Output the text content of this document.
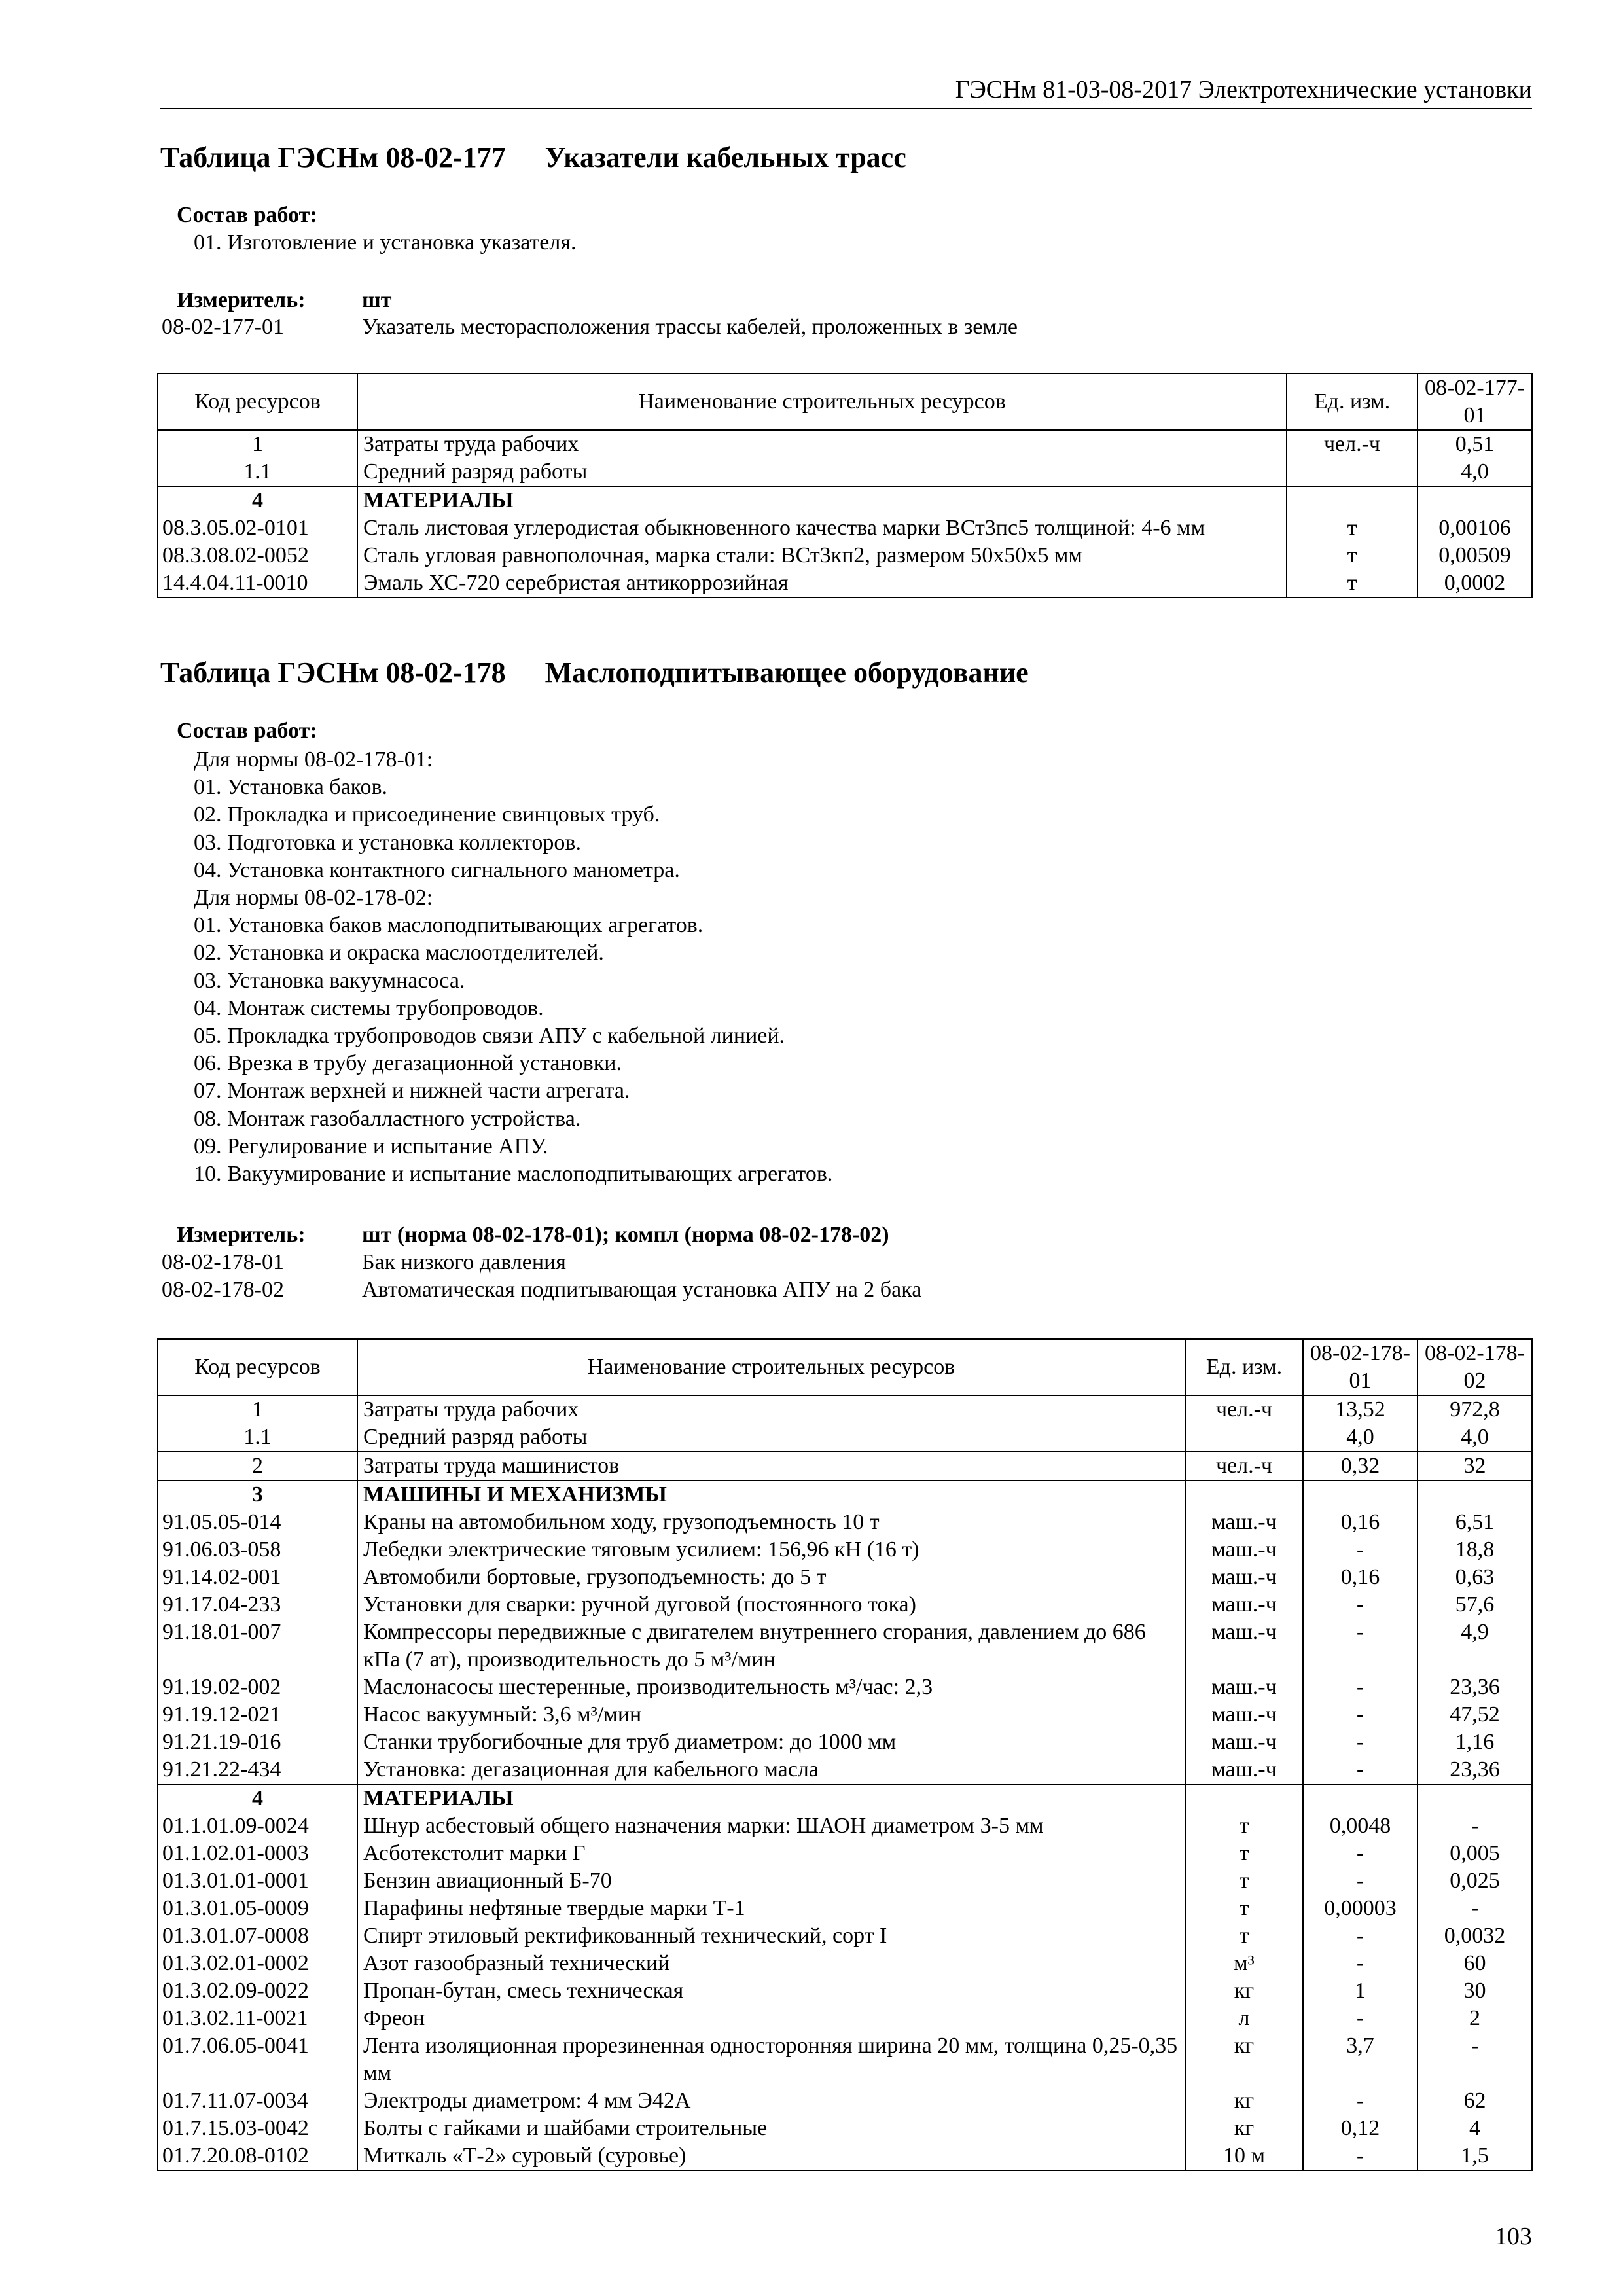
ГЭСНм 81-03-08-2017 Электротехнические установки
Таблица ГЭСНм 08-02-177 Указатели кабельных трасс
Состав работ:
01. Изготовление и установка указателя.
Измеритель:	шт
08-02-177-01	Указатель месторасположения трассы кабелей, проложенных в земле
Код ресурсов	Наименование строительных ресурсов	Ед. изм.	08-02-177-01
1	Затраты труда рабочих	чел.-ч	0,51
1.1	Средний разряд работы		4,0
4	МАТЕРИАЛЫ		
08.3.05.02-0101	Сталь листовая углеродистая обыкновенного качества марки ВСт3пс5 толщиной: 4-6 мм	т	0,00106
08.3.08.02-0052	Сталь угловая равнополочная, марка стали: ВСт3кп2, размером 50х50х5 мм	т	0,00509
14.4.04.11-0010	Эмаль ХС-720 серебристая антикоррозийная	т	0,0002
Таблица ГЭСНм 08-02-178 Маслоподпитывающее оборудование
Состав работ:
Для нормы 08-02-178-01:
01. Установка баков.
02. Прокладка и присоединение свинцовых труб.
03. Подготовка и установка коллекторов.
04. Установка контактного сигнального манометра.
Для нормы 08-02-178-02:
01. Установка баков маслоподпитывающих агрегатов.
02. Установка и окраска маслоотделителей.
03. Установка вакуумнасоса.
04. Монтаж системы трубопроводов.
05. Прокладка трубопроводов связи АПУ с кабельной линией.
06. Врезка в трубу дегазационной установки.
07. Монтаж верхней и нижней части агрегата.
08. Монтаж газобалластного устройства.
09. Регулирование и испытание АПУ.
10. Вакуумирование и испытание маслоподпитывающих агрегатов.
Измеритель:	шт (норма 08-02-178-01); компл (норма 08-02-178-02)
08-02-178-01	Бак низкого давления
08-02-178-02	Автоматическая подпитывающая установка АПУ на 2 бака
Код ресурсов	Наименование строительных ресурсов	Ед. изм.	08-02-178-01	08-02-178-02
1	Затраты труда рабочих	чел.-ч	13,52	972,8
1.1	Средний разряд работы		4,0	4,0
2	Затраты труда машинистов	чел.-ч	0,32	32
3	МАШИНЫ И МЕХАНИЗМЫ			
91.05.05-014	Краны на автомобильном ходу, грузоподъемность 10 т	маш.-ч	0,16	6,51
91.06.03-058	Лебедки электрические тяговым усилием: 156,96 кН (16 т)	маш.-ч	-	18,8
91.14.02-001	Автомобили бортовые, грузоподъемность: до 5 т	маш.-ч	0,16	0,63
91.17.04-233	Установки для сварки: ручной дуговой (постоянного тока)	маш.-ч	-	57,6
91.18.01-007	Компрессоры передвижные с двигателем внутреннего сгорания, давлением до 686 кПа (7 ат), производительность до 5 м³/мин	маш.-ч	-	4,9
91.19.02-002	Маслонасосы шестеренные, производительность м³/час: 2,3	маш.-ч	-	23,36
91.19.12-021	Насос вакуумный: 3,6 м³/мин	маш.-ч	-	47,52
91.21.19-016	Станки трубогибочные для труб диаметром: до 1000 мм	маш.-ч	-	1,16
91.21.22-434	Установка: дегазационная для кабельного масла	маш.-ч	-	23,36
4	МАТЕРИАЛЫ			
01.1.01.09-0024	Шнур асбестовый общего назначения марки: ШАОН диаметром 3-5 мм	т	0,0048	-
01.1.02.01-0003	Асботекстолит марки Г	т	-	0,005
01.3.01.01-0001	Бензин авиационный Б-70	т	-	0,025
01.3.01.05-0009	Парафины нефтяные твердые марки Т-1	т	0,00003	-
01.3.01.07-0008	Спирт этиловый ректификованный технический, сорт I	т	-	0,0032
01.3.02.01-0002	Азот газообразный технический	м³	-	60
01.3.02.09-0022	Пропан-бутан, смесь техническая	кг	1	30
01.3.02.11-0021	Фреон	л	-	2
01.7.06.05-0041	Лента изоляционная прорезиненная односторонняя ширина 20 мм, толщина 0,25-0,35 мм	кг	3,7	-
01.7.11.07-0034	Электроды диаметром: 4 мм Э42А	кг	-	62
01.7.15.03-0042	Болты с гайками и шайбами строительные	кг	0,12	4
01.7.20.08-0102	Миткаль «Т-2» суровый (суровье)	10 м	-	1,5
103
